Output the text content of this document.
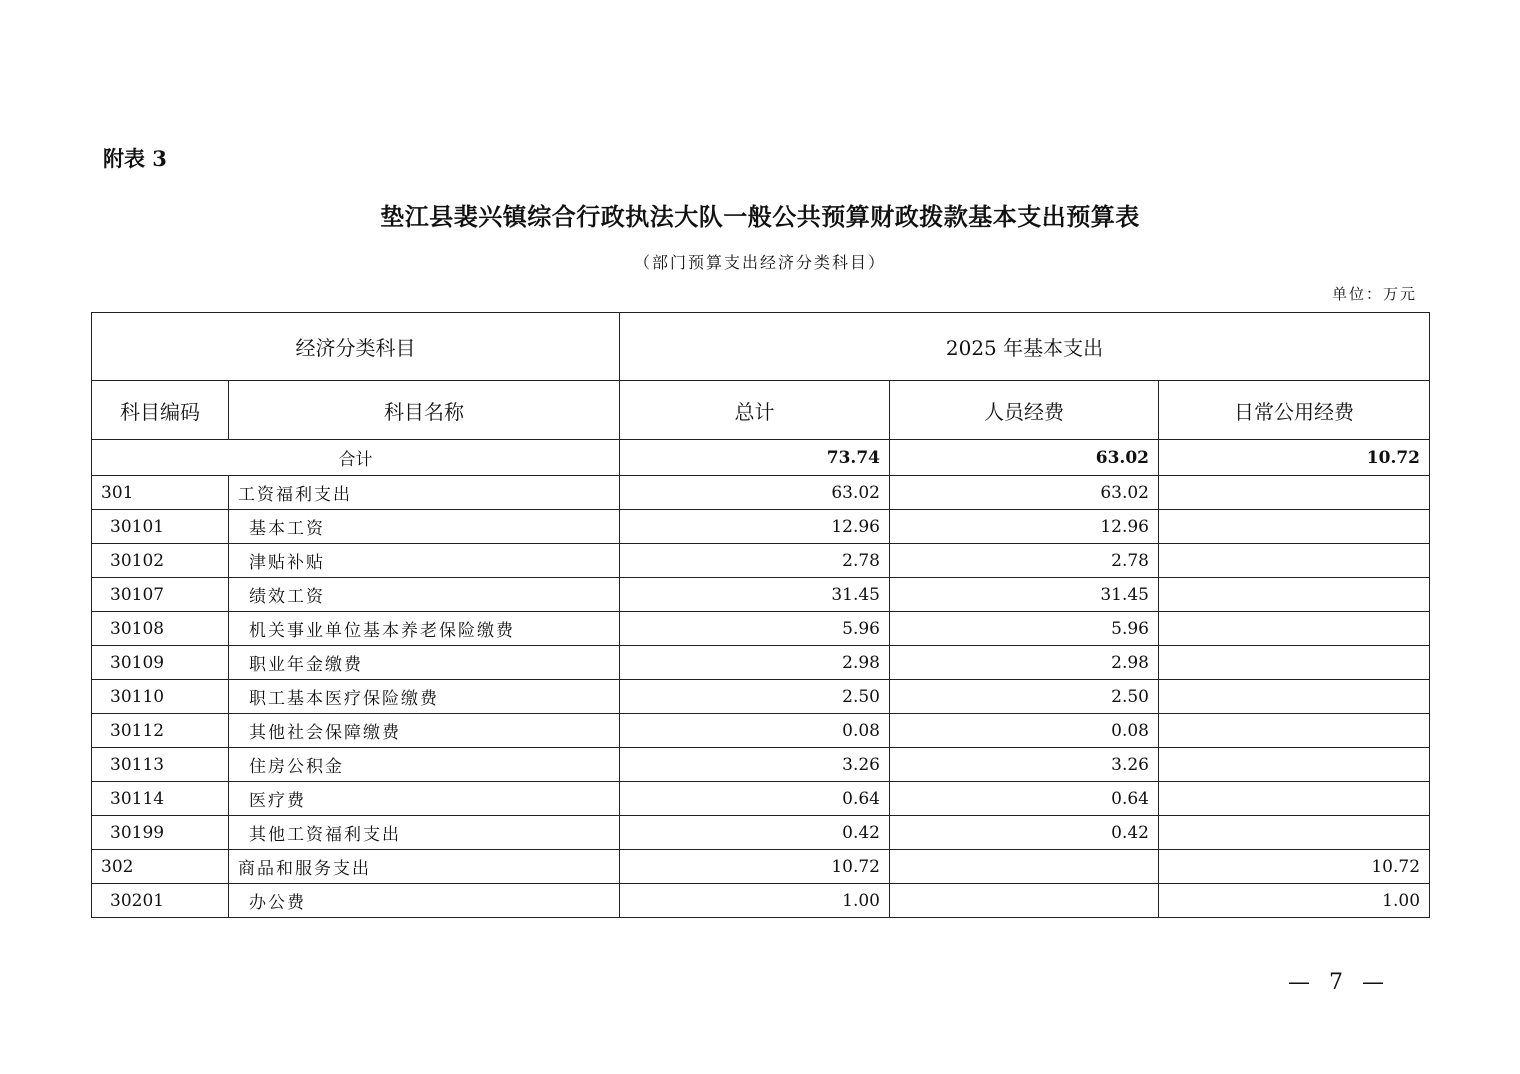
附表 3
垫江县裴兴镇综合行政执法大队一般公共预算财政拨款基本支出预算表
（部门预算支出经济分类科目）
单位：万元
经济分类科目		2025 年基本支出		
科目编码	科目名称	总计	人员经费	日常公用经费
合计		73.74	63.02	10.72
301	工资福利支出	63.02	63.02	
30101	基本工资	12.96	12.96	
30102	津贴补贴	2.78	2.78	
30107	绩效工资	31.45	31.45	
30108	机关事业单位基本养老保险缴费	5.96	5.96	
30109	职业年金缴费	2.98	2.98	
30110	职工基本医疗保险缴费	2.50	2.50	
30112	其他社会保障缴费	0.08	0.08	
30113	住房公积金	3.26	3.26	
30114	医疗费	0.64	0.64	
30199	其他工资福利支出	0.42	0.42	
302	商品和服务支出	10.72		10.72
30201	办公费	1.00		1.00
— 7 —
